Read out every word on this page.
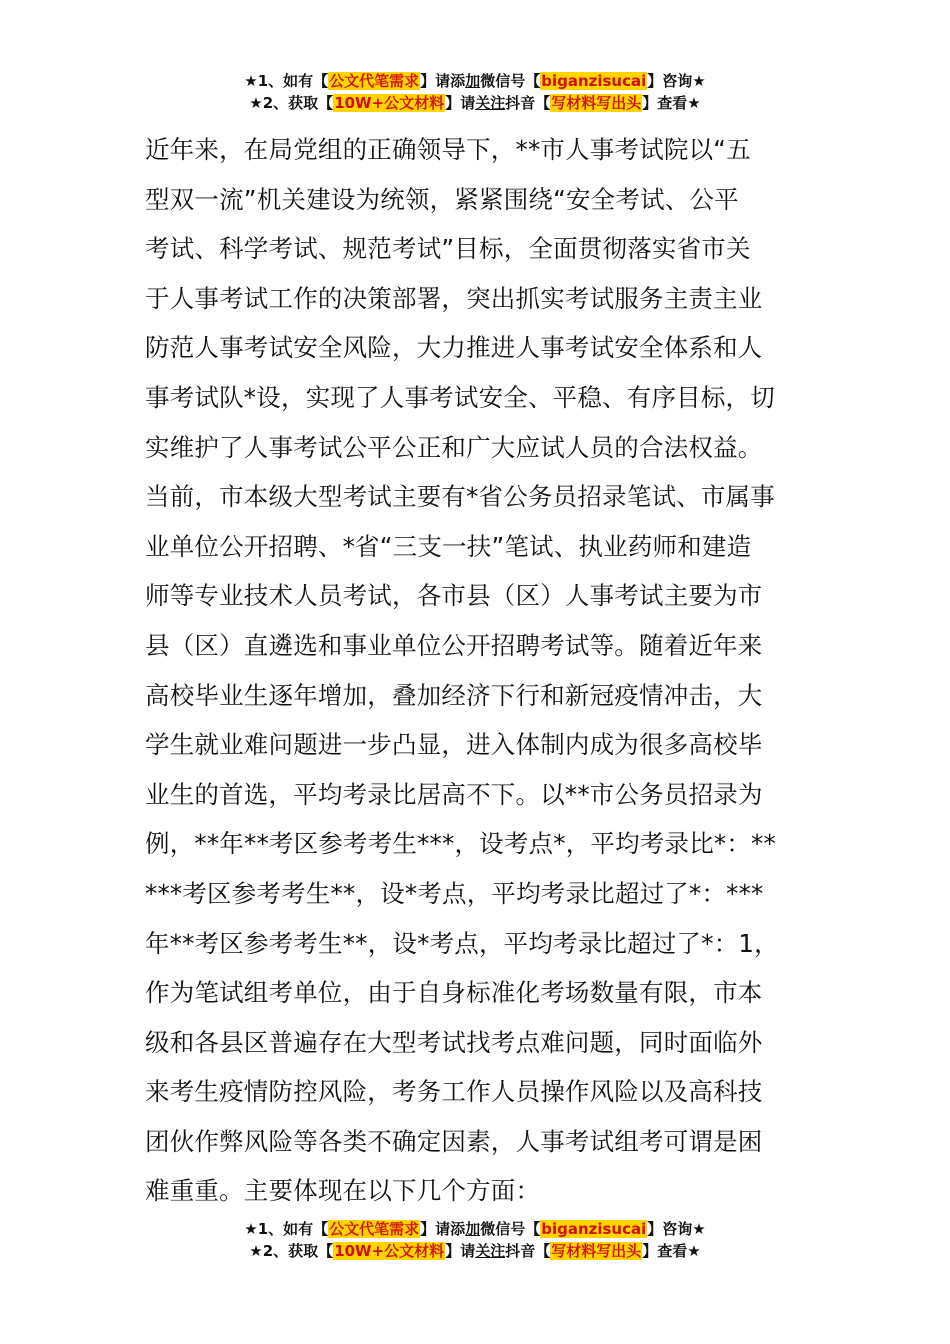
★1、如有【公文代笔需求】请添加微信号【biganzisucai】咨询★
★2、获取【10W+公文材料】请关注抖音【写材料写出头】查看★
近年来，在局党组的正确领导下，**市人事考试院以“五
型双一流”机关建设为统领，紧紧围绕“安全考试、公平
考试、科学考试、规范考试”目标，全面贯彻落实省市关
于人事考试工作的决策部署，突出抓实考试服务主责主业
防范人事考试安全风险，大力推进人事考试安全体系和人
事考试队*设，实现了人事考试安全、平稳、有序目标，切
实维护了人事考试公平公正和广大应试人员的合法权益。
当前，市本级大型考试主要有*省公务员招录笔试、市属事
业单位公开招聘、*省“三支一扶”笔试、执业药师和建造
师等专业技术人员考试，各市县（区）人事考试主要为市
县（区）直遴选和事业单位公开招聘考试等。随着近年来
高校毕业生逐年增加，叠加经济下行和新冠疫情冲击，大
学生就业难问题进一步凸显，进入体制内成为很多高校毕
业生的首选，平均考录比居高不下。以**市公务员招录为
例，**年**考区参考考生***，设考点*，平均考录比*：**
***考区参考考生**，设*考点，平均考录比超过了*：***
年**考区参考考生**，设*考点，平均考录比超过了*：1，
作为笔试组考单位，由于自身标准化考场数量有限，市本
级和各县区普遍存在大型考试找考点难问题，同时面临外
来考生疫情防控风险，考务工作人员操作风险以及高科技
团伙作弊风险等各类不确定因素，人事考试组考可谓是困
难重重。主要体现在以下几个方面：
★1、如有【公文代笔需求】请添加微信号【biganzisucai】咨询★
★2、获取【10W+公文材料】请关注抖音【写材料写出头】查看★
